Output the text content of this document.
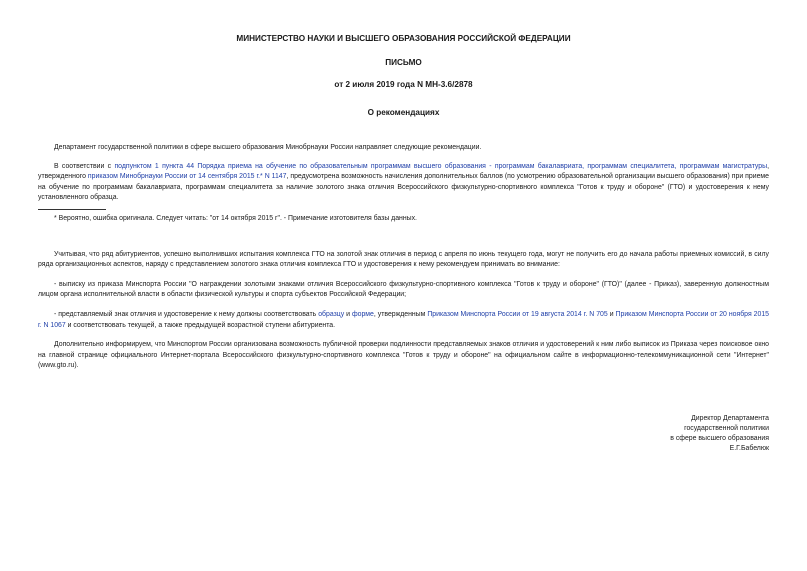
МИНИСТЕРСТВО НАУКИ И ВЫСШЕГО ОБРАЗОВАНИЯ РОССИЙСКОЙ ФЕДЕРАЦИИ

ПИСЬМО

от 2 июля 2019 года N МН-3.6/2878

О рекомендациях

Департамент государственной политики в сфере высшего образования Минобрнауки России направляет следующие рекомендации.

В соответствии с подпунктом 1 пункта 44 Порядка приема на обучение по образовательным программам высшего образования - программам бакалавриата, программам специалитета, программам магистратуры, утвержденного приказом Минобрнауки России от 14 сентября 2015 г.* N 1147, предусмотрена возможность начисления дополнительных баллов (по усмотрению образовательной организации высшего образования) при приеме на обучение по программам бакалавриата, программам специалитета за наличие золотого знака отличия Всероссийского физкультурно-спортивного комплекса "Готов к труду и обороне" (ГТО) и удостоверения к нему установленного образца.

* Вероятно, ошибка оригинала. Следует читать: "от 14 октября 2015 г". - Примечание изготовителя базы данных.

Учитывая, что ряд абитуриентов, успешно выполнивших испытания комплекса ГТО на золотой знак отличия в период с апреля по июнь текущего года, могут не получить его до начала работы приемных комиссий, в силу ряда организационных аспектов, наряду с представлением золотого знака отличия комплекса ГТО и удостоверения к нему рекомендуем принимать во внимание:

- выписку из приказа Минспорта России "О награждении золотыми знаками отличия Всероссийского физкультурно-спортивного комплекса "Готов к труду и обороне" (ГТО)" (далее - Приказ), заверенную должностным лицом органа исполнительной власти в области физической культуры и спорта субъектов Российской Федерации;

- представляемый знак отличия и удостоверение к нему должны соответствовать образцу и форме, утвержденным Приказом Минспорта России от 19 августа 2014 г. N 705 и Приказом Минспорта России от 20 ноября 2015 г. N 1067 и соответствовать текущей, а также предыдущей возрастной ступени абитуриента.

Дополнительно информируем, что Минспортом России организована возможность публичной проверки подлинности представляемых знаков отличия и удостоверений к ним либо выписок из Приказа через поисковое окно на главной странице официального Интернет-портала Всероссийского физкультурно-спортивного комплекса "Готов к труду и обороне" на официальном сайте в информационно-телекоммуникационной сети "Интернет" (www.gto.ru).

Директор Департамента
государственной политики
в сфере высшего образования
Е.Г.Бабелюк
